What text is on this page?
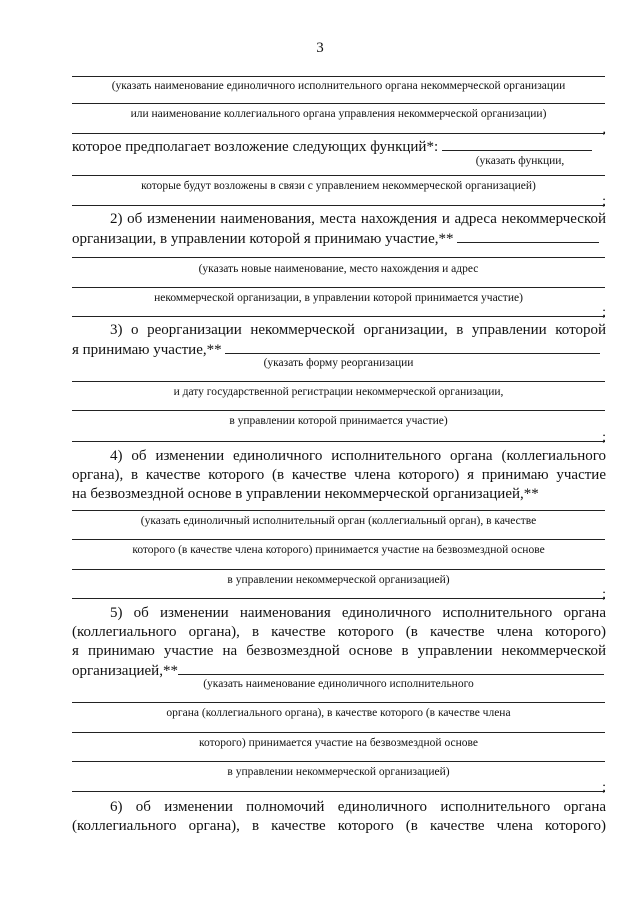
3
(указать наименование единоличного исполнительного органа некоммерческой организации
или наименование коллегиального органа управления некоммерческой организации)
,
которое предполагает возложение следующих функций*:
(указать функции,
которые будут возложены в связи с управлением некоммерческой организацией)
;
2) об изменении наименования, места нахождения и адреса некоммерческой
организации, в управлении которой я принимаю участие,**
(указать новые наименование, место нахождения и адрес
некоммерческой организации, в управлении которой принимается участие)
;
3) о реорганизации некоммерческой организации, в управлении которой
я принимаю участие,**
(указать форму реорганизации
и дату государственной регистрации некоммерческой организации,
в управлении которой принимается участие)
;
4) об изменении единоличного исполнительного органа (коллегиального
органа), в качестве которого (в качестве члена которого) я принимаю участие
на безвозмездной основе в управлении некоммерческой организацией,**
(указать единоличный исполнительный орган (коллегиальный орган), в качестве
которого (в качестве члена которого) принимается участие на безвозмездной основе
в управлении некоммерческой организацией)
;
5) об изменении наименования единоличного исполнительного органа
(коллегиального органа), в качестве которого (в качестве члена которого)
я принимаю участие на безвозмездной основе в управлении некоммерческой
организацией,**
(указать наименование единоличного исполнительного
органа (коллегиального органа), в качестве которого (в качестве члена
которого) принимается участие на безвозмездной основе
в управлении некоммерческой организацией)
;
6) об изменении полномочий единоличного исполнительного органа
(коллегиального органа), в качестве которого (в качестве члена которого)
